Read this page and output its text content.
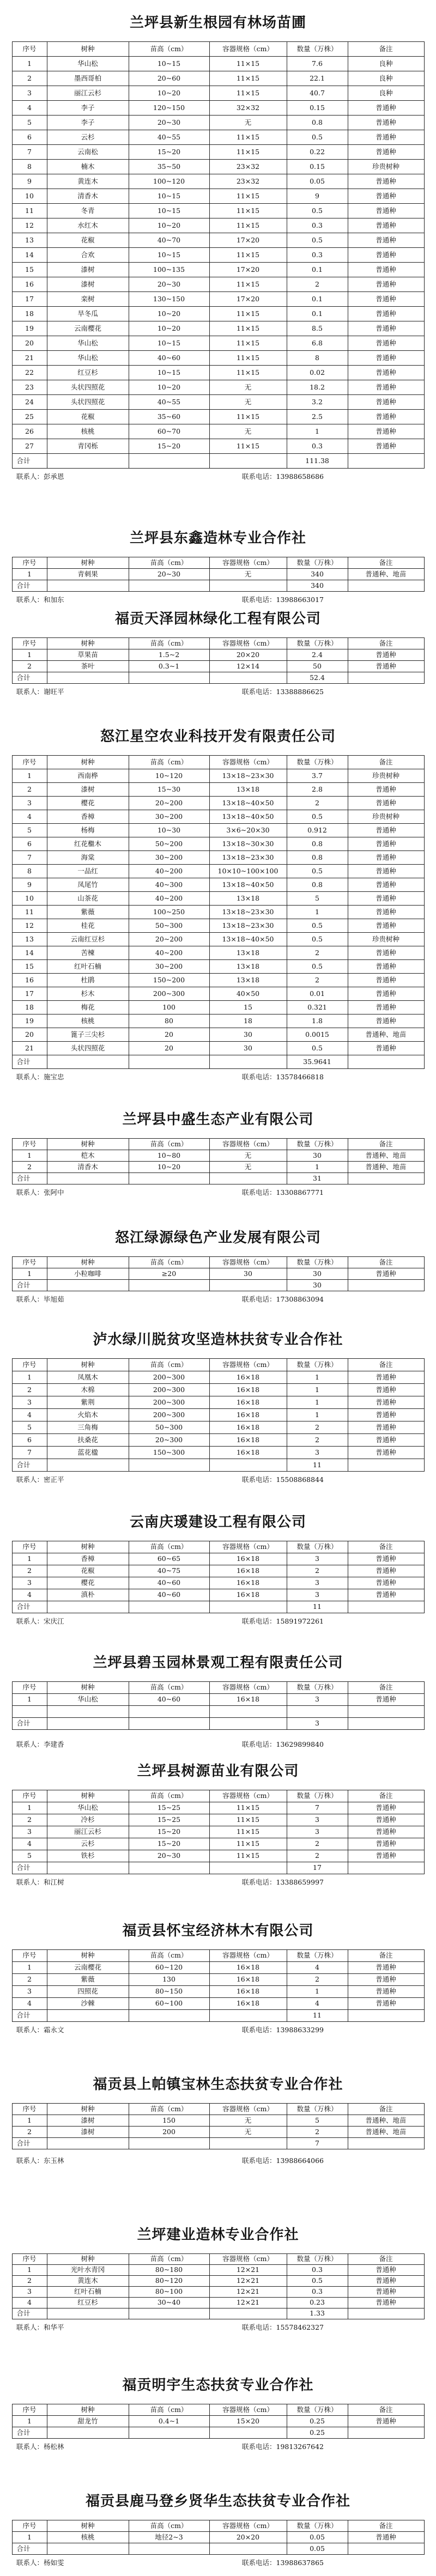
兰坪县新生根园有林场苗圃
序号	树种	苗高（cm）	容器规格（cm）	数量（万株）	备注
1	华山松	10~15	11×15	7.6	良种
2	墨西哥柏	20~60	11×15	22.1	良种
3	丽江云杉	10~20	11×15	40.7	良种
4	李子	120~150	32×32	0.15	普通种
5	李子	20~30	无	0.8	普通种
6	云杉	40~55	11×15	0.5	普通种
7	云南松	15~20	11×15	0.22	普通种
8	楠木	35~50	23×32	0.15	珍贵树种
9	黄连木	100~120	23×32	0.05	普通种
10	清香木	10~15	11×15	9	普通种
11	冬青	10~15	11×15	0.5	普通种
12	水红木	10~20	11×15	0.3	普通种
13	花椒	40~70	17×20	0.5	普通种
14	合欢	10~15	11×15	0.3	普通种
15	漆树	100~135	17×20	0.1	普通种
16	漆树	20~30	11×15	2	普通种
17	栾树	130~150	17×20	0.1	普通种
18	旱冬瓜	10~20	11×15	0.1	普通种
19	云南樱花	10~20	11×15	8.5	普通种
20	华山松	10~15	11×15	6.8	普通种
21	华山松	40~60	11×15	8	普通种
22	红豆杉	10~15	11×15	0.02	普通种
23	头状四照花	10~20	无	18.2	普通种
24	头状四照花	40~55	无	3.2	普通种
25	花椒	35~60	11×15	2.5	普通种
26	核桃	60~70	无	1	普通种
27	青冈栎	15~20	11×15	0.3	普通种
合计				111.38	
联系人：彭承恩	联系电话：13988658686
兰坪县东鑫造林专业合作社
序号	树种	苗高（cm）	容器规格（cm）	数量（万株）	备注
1	青刺果	20~30	无	340	普通种、地苗
合计				340	
联系人：和加东	联系电话：13988663017
福贡天泽园林绿化工程有限公司
序号	树种	苗高（cm）	容器规格（cm）	数量（万株）	备注
1	草果苗	1.5~2	20×20	2.4	普通种
2	茶叶	0.3~1	12×14	50	普通种
合计				52.4	
联系人：谢旺平	联系电话：13388886625
怒江星空农业科技开发有限责任公司
序号	树种	苗高（cm）	容器规格（cm）	数量（万株）	备注
1	西南桦	10~120	13×18~23×30	3.7	珍贵树种
2	漆树	15~30	13×18	2.8	普通种
3	樱花	20~200	13×18~40×50	2	普通种
4	香樟	30~200	13×18~40×50	0.5	珍贵树种
5	杨梅	10~30	3×6~20×30	0.912	普通种
6	红花檵木	50~200	13×18~30×30	0.8	普通种
7	海棠	30~200	13×18~23×30	0.8	普通种
8	一品红	40~200	10×10~100×100	0.5	普通种
9	凤尾竹	40~300	13×18~40×50	0.8	普通种
10	山茶花	40~200	13×18	5	普通种
11	紫薇	100~250	13×18~23×30	1	普通种
12	桂花	50~300	13×18~23×30	0.5	普通种
13	云南红豆杉	20~200	13×18~40×50	0.5	珍贵树种
14	苦楝	40~200	13×18	2	普通种
15	红叶石楠	30~200	13×18	0.5	普通种
16	杜鹃	150~200	13×18	2	普通种
17	杉木	200~300	40×50	0.01	普通种
18	梅花	100	15	0.321	普通种
19	核桃	80	18	1.8	普通种
20	篦子三尖杉	20	30	0.0015	普通种、地苗
21	头状四照花	20	30	0.5	普通种
合计				35.9641	
联系人：施宝忠	联系电话：13578466818
兰坪县中盛生态产业有限公司
序号	树种	苗高（cm）	容器规格（cm）	数量（万株）	备注
1	桤木	10~80	无	30	普通种、地苗
2	清香木	10~20	无	1	普通种、地苗
合计				31	
联系人：张阿中	联系电话：13308867771
怒江绿源绿色产业发展有限公司
序号	树种	苗高（cm）	容器规格（cm）	数量（万株）	备注
1	小粒咖啡	≥20	30	30	普通种
合计				30	
联系人：毕旭茹	联系电话：17308863094
泸水绿川脱贫攻坚造林扶贫专业合作社
序号	树种	苗高（cm）	容器规格（cm）	数量（万株）	备注
1	凤凰木	200~300	16×18	1	普通种
2	木棉	200~300	16×18	1	普通种
3	紫荆	200~300	16×18	1	普通种
4	火焰木	200~300	16×18	1	普通种
5	三角梅	50~300	16×18	2	普通种
6	扶桑花	20~300	16×18	2	普通种
7	蓝花楹	150~300	16×18	3	普通种
合计				11	
联系人：密正平	联系电话：15508868844
云南庆瑗建设工程有限公司
序号	树种	苗高（cm）	容器规格（cm）	数量（万株）	备注
1	香樟	60~65	16×18	3	普通种
2	花椒	40~75	16×18	2	普通种
3	樱花	40~60	16×18	3	普通种
4	滇朴	40~60	16×18	3	普通种
合计				11	
联系人：宋庆江	联系电话：15891972261
兰坪县碧玉园林景观工程有限责任公司
序号	树种	苗高（cm）	容器规格（cm）	数量（万株）	备注
1	华山松	40~60	16×18	3	普通种

合计				3	
联系人：李建香	联系电话：13629899840
兰坪县树源苗业有限公司
序号	树种	苗高（cm）	容器规格（cm）	数量（万株）	备注
1	华山松	15~25	11×15	7	普通种
2	冷杉	15~25	11×15	3	普通种
3	丽江云杉	15~20	11×15	3	普通种
4	云杉	15~20	11×15	2	普通种
5	铁杉	20~30	11×15	2	普通种
合计				17	
联系人：和江树	联系电话：13388659997
福贡县怀宝经济林木有限公司
序号	树种	苗高（cm）	容器规格（cm）	数量（万株）	备注
1	云南樱花	60~120	16×18	4	普通种
2	紫薇	130	16×18	2	普通种
3	四照花	80~150	16×18	1	普通种
4	沙棘	60~100	16×18	4	普通种
合计				11	
联系人：霜永文	联系电话：13988633299
福贡县上帕镇宝林生态扶贫专业合作社
序号	树种	苗高（cm）	容器规格（cm）	数量（万株）	备注
1	漆树	150	无	5	普通种、地苗
2	漆树	200	无	2	普通种、地苗
合计				7	
联系人：东玉林	联系电话：13988664066
兰坪建业造林专业合作社
序号	树种	苗高（cm）	容器规格（cm）	数量（万株）	备注
1	光叶水青冈	80~180	12×21	0.3	普通种
2	黄连木	80~120	12×21	0.5	普通种
3	红叶石楠	80~100	12×21	0.3	普通种
4	红豆杉	30~40	12×21	0.23	普通种
合计				1.33	
联系人：和华平	联系电话：15578462327
福贡明宇生态扶贫专业合作社
序号	树种	苗高（cm）	容器规格（cm）	数量（万株）	备注
1	甜龙竹	0.4~1	15×20	0.25	普通种
合计				0.25	
联系人：杨松林	联系电话：19813267642
福贡县鹿马登乡贤华生态扶贫专业合作社
序号	树种	苗高（cm）	容器规格（cm）	数量（万株）	备注
1	核桃	地径2~3	20×20	0.05	普通种
合计				0.05	
联系人：杨如雯	联系电话：13988637865
